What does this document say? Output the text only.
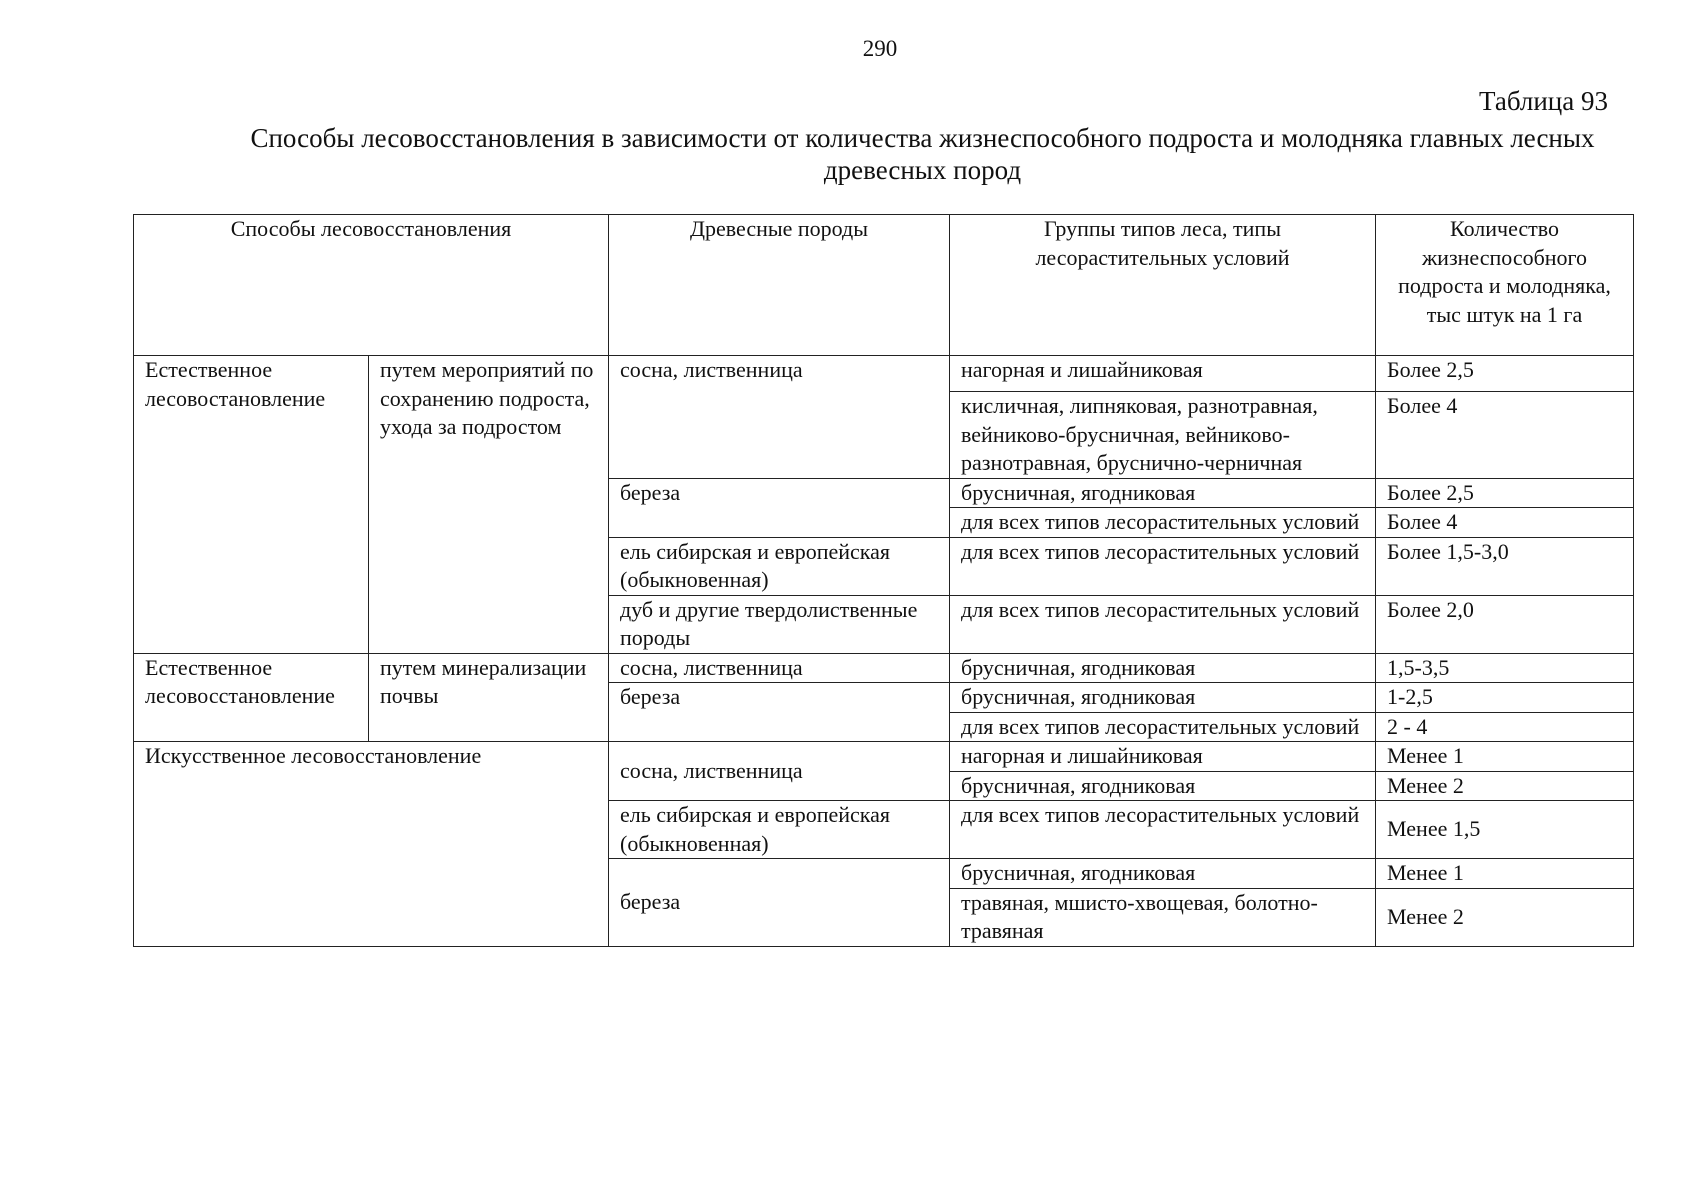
290
Таблица 93
Способы лесовосстановления в зависимости от количества жизнеспособного подроста и молодняка главных лесных древесных пород
Способы лесовосстановления		Древесные породы	Группы типов леса, типы лесорастительных условий	Количество жизнеспособного подроста и молодняка, тыс штук на 1 га
Естественное лесовостановление	путем мероприятий по сохранению подроста, ухода за подростом	сосна, лиственница	нагорная и лишайниковая	Более 2,5
			кисличная, липняковая, разнотравная, вейниково-брусничная, вейниково-разнотравная, бруснично-черничная	Более 4
		береза	брусничная, ягодниковая	Более 2,5
			для всех типов лесорастительных условий	Более 4
		ель сибирская и европейская (обыкновенная)	для всех типов лесорастительных условий	Более 1,5-3,0
		дуб и другие твердолиственные породы	для всех типов лесорастительных условий	Более 2,0
Естественное лесовосстановление	путем минерализации почвы	сосна, лиственница	брусничная, ягодниковая	1,5-3,5
		береза	брусничная, ягодниковая	1-2,5
			для всех типов лесорастительных условий	2 - 4
Искусственное лесовосстановление		сосна, лиственница	нагорная и лишайниковая	Менее 1
			брусничная, ягодниковая	Менее 2
		ель сибирская и европейская (обыкновенная)	для всех типов лесорастительных условий	Менее 1,5
		береза	брусничная, ягодниковая	Менее 1
			травяная, мшисто-хвощевая, болотно-травяная	Менее 2
